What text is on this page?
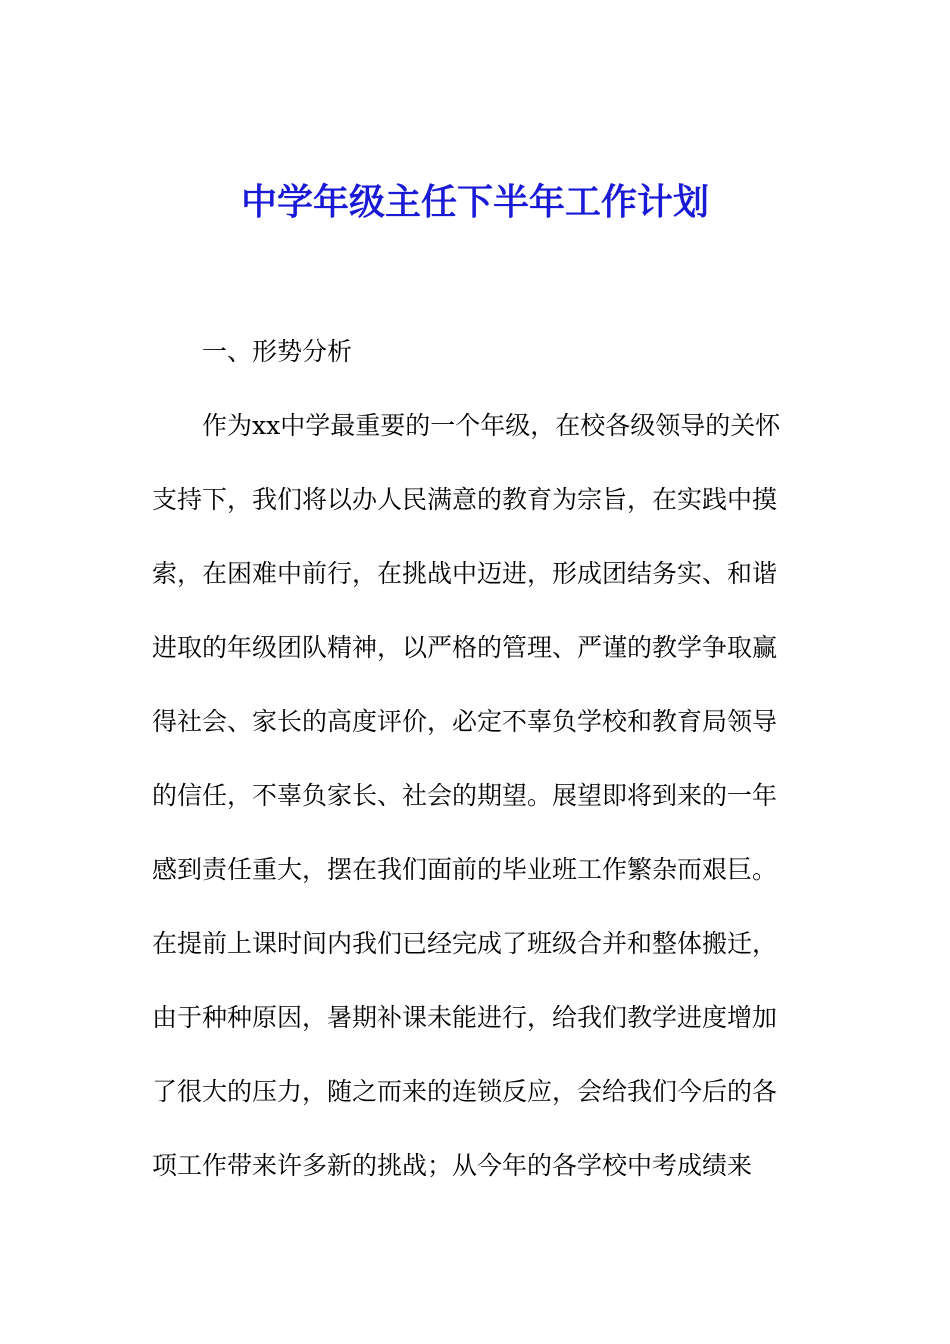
中学年级主任下半年工作计划
一、形势分析
作为xx中学最重要的一个年级，在校各级领导的关怀
支持下，我们将以办人民满意的教育为宗旨，在实践中摸
索，在困难中前行，在挑战中迈进，形成团结务实、和谐
进取的年级团队精神，以严格的管理、严谨的教学争取赢
得社会、家长的高度评价，必定不辜负学校和教育局领导
的信任，不辜负家长、社会的期望。展望即将到来的一年
感到责任重大，摆在我们面前的毕业班工作繁杂而艰巨。
在提前上课时间内我们已经完成了班级合并和整体搬迁，
由于种种原因，暑期补课未能进行，给我们教学进度增加
了很大的压力，随之而来的连锁反应，会给我们今后的各
项工作带来许多新的挑战；从今年的各学校中考成绩来
